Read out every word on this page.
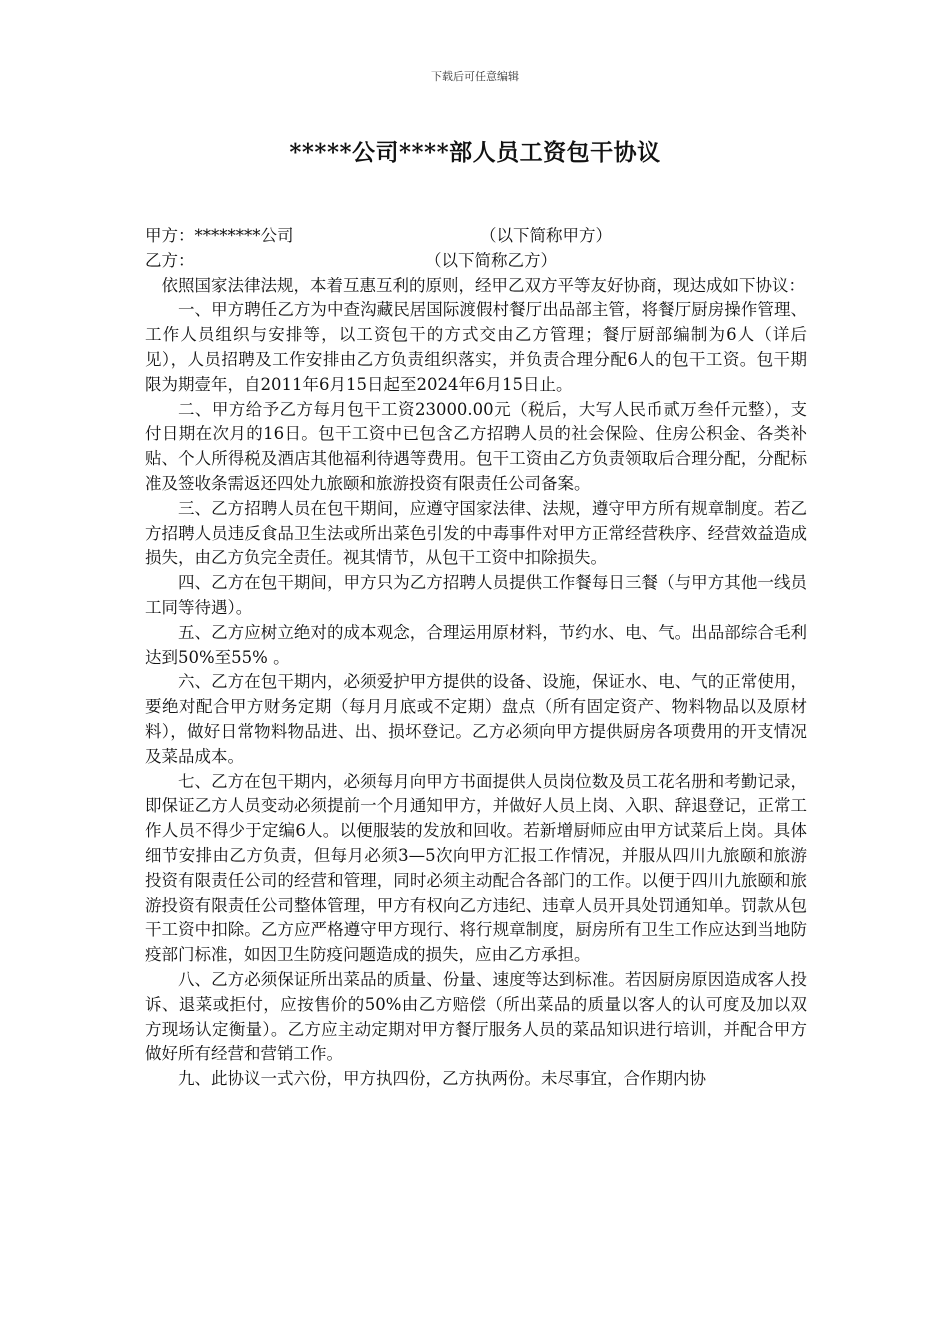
下载后可任意编辑
*****公司****部人员工资包干协议
甲方：********公司	（以下简称甲方）
乙方：	（以下简称乙方）

依照国家法律法规，本着互惠互利的原则，经甲乙双方平等友好协商，现达成如下协议：

一、甲方聘任乙方为中查沟藏民居国际渡假村餐厅出品部主管，将餐厅厨房操作管理、工作人员组织与安排等，以工资包干的方式交由乙方管理；餐厅厨部编制为6人（详后见），人员招聘及工作安排由乙方负责组织落实，并负责合理分配6人的包干工资。包干期限为期壹年，自2011年6月15日起至2024年6月15日止。

二、甲方给予乙方每月包干工资23000.00元（税后，大写人民币贰万叁仟元整），支付日期在次月的16日。包干工资中已包含乙方招聘人员的社会保险、住房公积金、各类补贴、个人所得税及酒店其他福利待遇等费用。包干工资由乙方负责领取后合理分配，分配标准及签收条需返还四处九旅颐和旅游投资有限责任公司备案。

三、乙方招聘人员在包干期间，应遵守国家法律、法规，遵守甲方所有规章制度。若乙方招聘人员违反食品卫生法或所出菜色引发的中毒事件对甲方正常经营秩序、经营效益造成损失，由乙方负完全责任。视其情节，从包干工资中扣除损失。

四、乙方在包干期间，甲方只为乙方招聘人员提供工作餐每日三餐（与甲方其他一线员工同等待遇）。

五、乙方应树立绝对的成本观念，合理运用原材料，节约水、电、气。出品部综合毛利达到50%至55% 。

六、乙方在包干期内，必须爱护甲方提供的设备、设施，保证水、电、气的正常使用，要绝对配合甲方财务定期（每月月底或不定期）盘点（所有固定资产、物料物品以及原材料），做好日常物料物品进、出、损坏登记。乙方必须向甲方提供厨房各项费用的开支情况及菜品成本。

七、乙方在包干期内，必须每月向甲方书面提供人员岗位数及员工花名册和考勤记录，即保证乙方人员变动必须提前一个月通知甲方，并做好人员上岗、入职、辞退登记，正常工作人员不得少于定编6人。以便服装的发放和回收。若新增厨师应由甲方试菜后上岗。具体细节安排由乙方负责，但每月必须3—5次向甲方汇报工作情况，并服从四川九旅颐和旅游投资有限责任公司的经营和管理，同时必须主动配合各部门的工作。以便于四川九旅颐和旅游投资有限责任公司整体管理，甲方有权向乙方违纪、违章人员开具处罚通知单。罚款从包干工资中扣除。乙方应严格遵守甲方现行、将行规章制度，厨房所有卫生工作应达到当地防疫部门标准，如因卫生防疫问题造成的损失，应由乙方承担。

八、乙方必须保证所出菜品的质量、份量、速度等达到标准。若因厨房原因造成客人投诉、退菜或拒付，应按售价的50%由乙方赔偿（所出菜品的质量以客人的认可度及加以双方现场认定衡量）。乙方应主动定期对甲方餐厅服务人员的菜品知识进行培训，并配合甲方做好所有经营和营销工作。

九、此协议一式六份，甲方执四份，乙方执两份。未尽事宜，合作期内协
